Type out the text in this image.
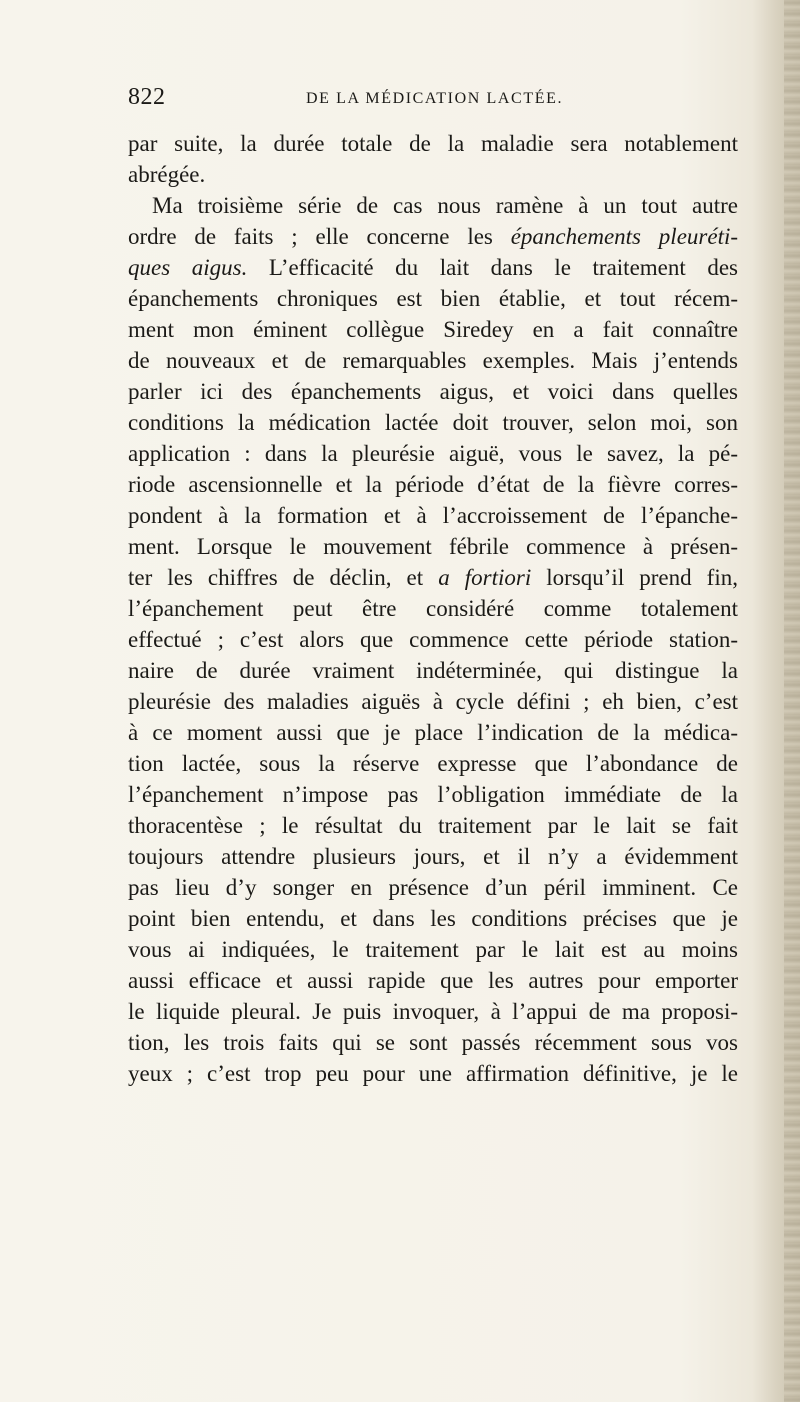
822	DE LA MÉDICATION LACTÉE.
par suite, la durée totale de la maladie sera notablement
abrégée.
Ma troisième série de cas nous ramène à un tout autre
ordre de faits ; elle concerne les épanchements pleuréti-
ques aigus. L’efficacité du lait dans le traitement des
épanchements chroniques est bien établie, et tout récem-
ment mon éminent collègue Siredey en a fait connaître
de nouveaux et de remarquables exemples. Mais j’entends
parler ici des épanchements aigus, et voici dans quelles
conditions la médication lactée doit trouver, selon moi, son
application : dans la pleurésie aiguë, vous le savez, la pé-
riode ascensionnelle et la période d’état de la fièvre corres-
pondent à la formation et à l’accroissement de l’épanche-
ment. Lorsque le mouvement fébrile commence à présen-
ter les chiffres de déclin, et a fortiori lorsqu’il prend fin,
l’épanchement peut être considéré comme totalement
effectué ; c’est alors que commence cette période station-
naire de durée vraiment indéterminée, qui distingue la
pleurésie des maladies aiguës à cycle défini ; eh bien, c’est
à ce moment aussi que je place l’indication de la médica-
tion lactée, sous la réserve expresse que l’abondance de
l’épanchement n’impose pas l’obligation immédiate de la
thoracentèse ; le résultat du traitement par le lait se fait
toujours attendre plusieurs jours, et il n’y a évidemment
pas lieu d’y songer en présence d’un péril imminent. Ce
point bien entendu, et dans les conditions précises que je
vous ai indiquées, le traitement par le lait est au moins
aussi efficace et aussi rapide que les autres pour emporter
le liquide pleural. Je puis invoquer, à l’appui de ma proposi-
tion, les trois faits qui se sont passés récemment sous vos
yeux ; c’est trop peu pour une affirmation définitive, je le
